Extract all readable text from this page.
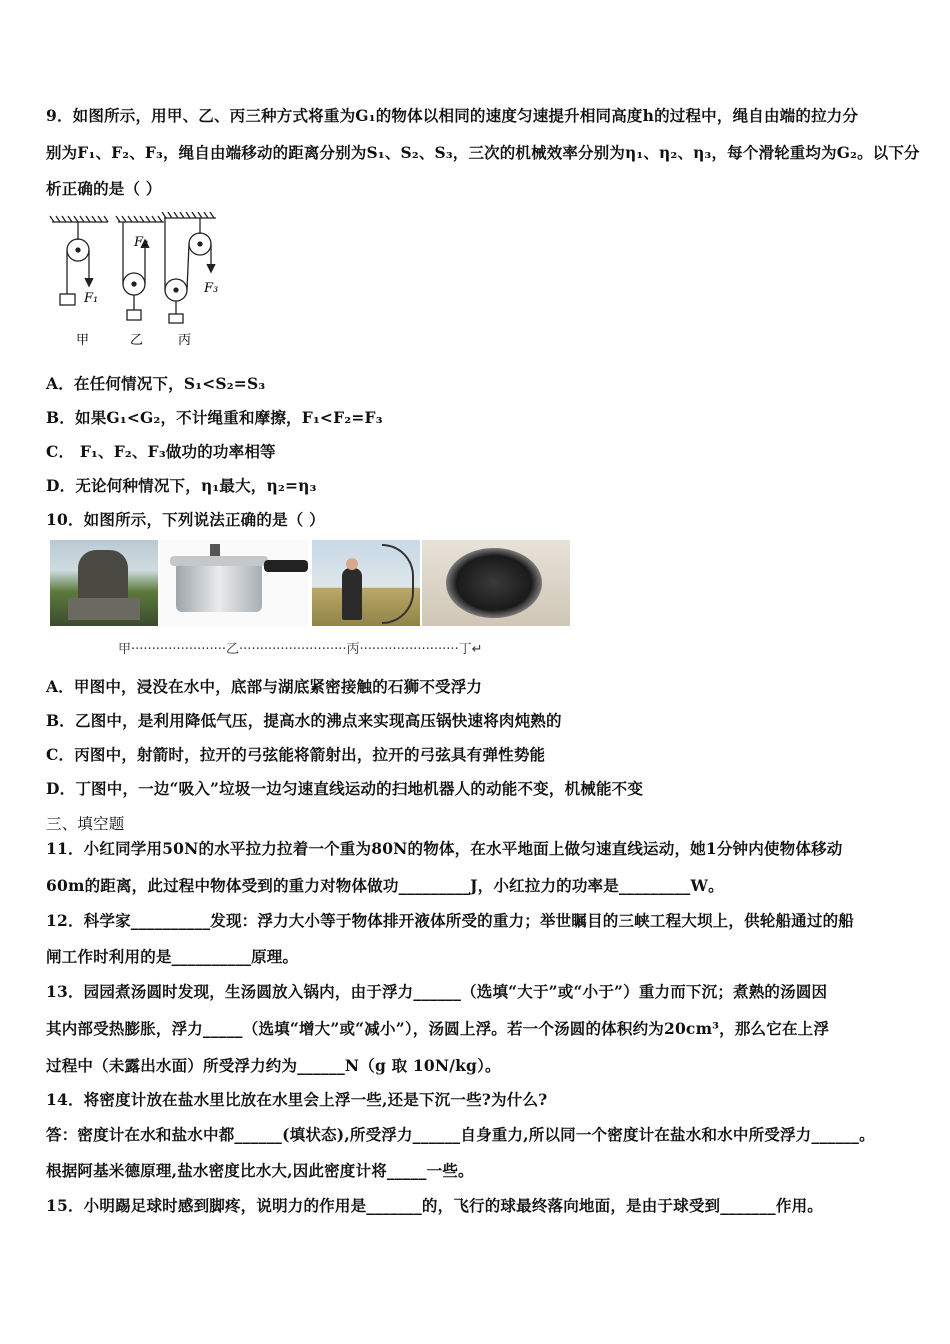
9．如图所示，用甲、乙、丙三种方式将重为G₁的物体以相同的速度匀速提升相同高度h的过程中，绳自由端的拉力分
别为F₁、F₂、F₃，绳自由端移动的距离分别为S₁、S₂、S₃，三次的机械效率分别为η₁、η₂、η₃，每个滑轮重均为G₂。以下分
析正确的是（ ）
F₁
F₂
F₃
甲	乙	丙
A．在任何情况下，S₁<S₂=S₃
B．如果G₁<G₂，不计绳重和摩擦，F₁<F₂=F₃
C． F₁、F₂、F₃做功的功率相等
D．无论何种情况下，η₁最大，η₂=η₃
10．如图所示，下列说法正确的是（ ）
甲·······················乙··························丙························丁↵
A．甲图中，浸没在水中，底部与湖底紧密接触的石狮不受浮力
B．乙图中，是利用降低气压，提高水的沸点来实现高压锅快速将肉炖熟的
C．丙图中，射箭时，拉开的弓弦能将箭射出，拉开的弓弦具有弹性势能
D．丁图中，一边“吸入”垃圾一边匀速直线运动的扫地机器人的动能不变，机械能不变
三、填空题
11．小红同学用50N的水平拉力拉着一个重为80N的物体，在水平地面上做匀速直线运动，她1分钟内使物体移动
60m的距离，此过程中物体受到的重力对物体做功_________J，小红拉力的功率是_________W。
12．科学家__________发现：浮力大小等于物体排开液体所受的重力；举世瞩目的三峡工程大坝上，供轮船通过的船
闸工作时利用的是__________原理。
13．园园煮汤圆时发现，生汤圆放入锅内，由于浮力______（选填“大于”或“小于”）重力而下沉；煮熟的汤圆因
其内部受热膨胀，浮力_____（选填“增大”或“减小”），汤圆上浮。若一个汤圆的体积约为20cm³，那么它在上浮
过程中（未露出水面）所受浮力约为______N（g 取 10N/kg）。
14．将密度计放在盐水里比放在水里会上浮一些,还是下沉一些?为什么?
答：密度计在水和盐水中都______(填状态),所受浮力______自身重力,所以同一个密度计在盐水和水中所受浮力______。
根据阿基米德原理,盐水密度比水大,因此密度计将_____一些。
15．小明踢足球时感到脚疼，说明力的作用是_______的，飞行的球最终落向地面，是由于球受到_______作用。
